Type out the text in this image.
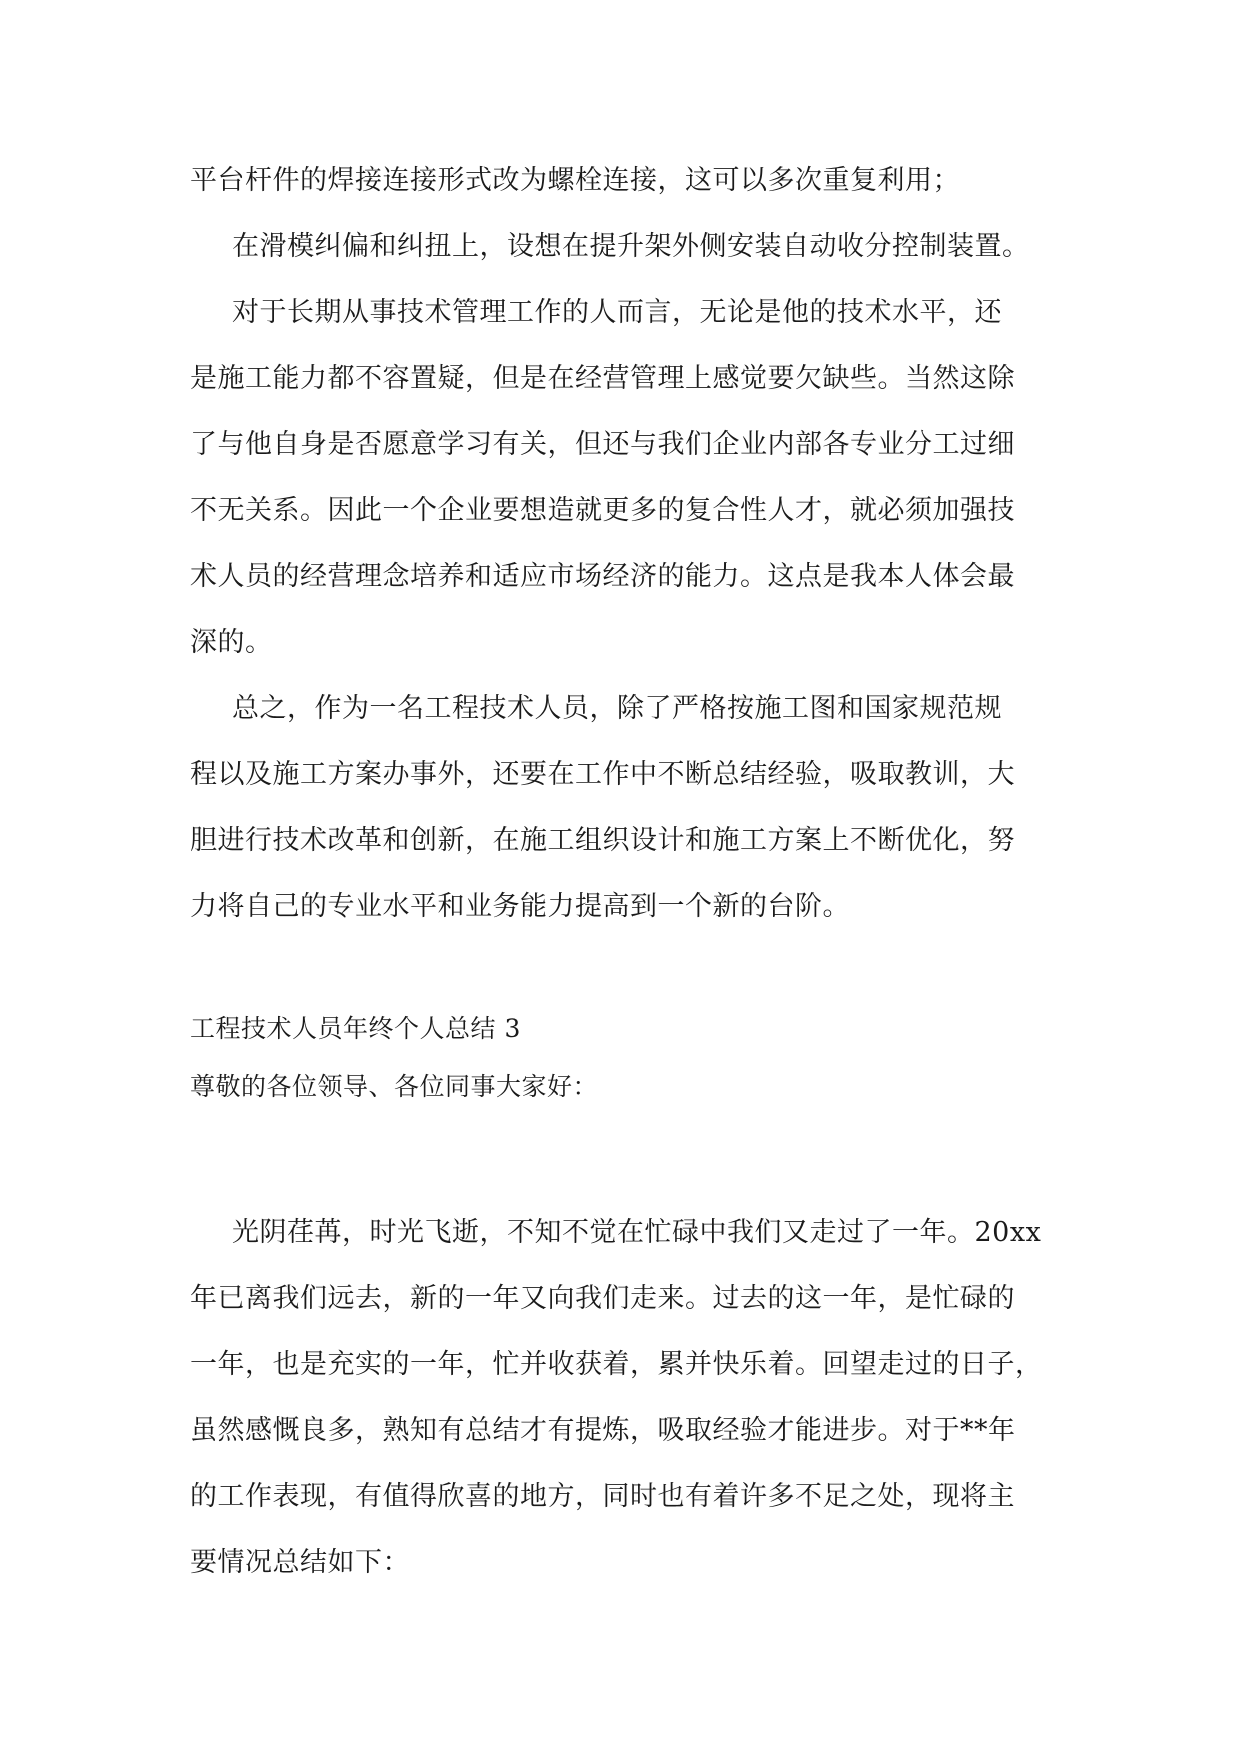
平台杆件的焊接连接形式改为螺栓连接，这可以多次重复利用；
在滑模纠偏和纠扭上，设想在提升架外侧安装自动收分控制装置。
对于长期从事技术管理工作的人而言，无论是他的技术水平，还
是施工能力都不容置疑，但是在经营管理上感觉要欠缺些。当然这除
了与他自身是否愿意学习有关，但还与我们企业内部各专业分工过细
不无关系。因此一个企业要想造就更多的复合性人才，就必须加强技
术人员的经营理念培养和适应市场经济的能力。这点是我本人体会最
深的。
总之，作为一名工程技术人员，除了严格按施工图和国家规范规
程以及施工方案办事外，还要在工作中不断总结经验，吸取教训，大
胆进行技术改革和创新，在施工组织设计和施工方案上不断优化，努
力将自己的专业水平和业务能力提高到一个新的台阶。
工程技术人员年终个人总结 3
尊敬的各位领导、各位同事大家好：
光阴荏苒，时光飞逝，不知不觉在忙碌中我们又走过了一年。20xx
年已离我们远去，新的一年又向我们走来。过去的这一年，是忙碌的
一年，也是充实的一年，忙并收获着，累并快乐着。回望走过的日子，
虽然感慨良多，熟知有总结才有提炼，吸取经验才能进步。对于**年
的工作表现，有值得欣喜的地方，同时也有着许多不足之处，现将主
要情况总结如下：
